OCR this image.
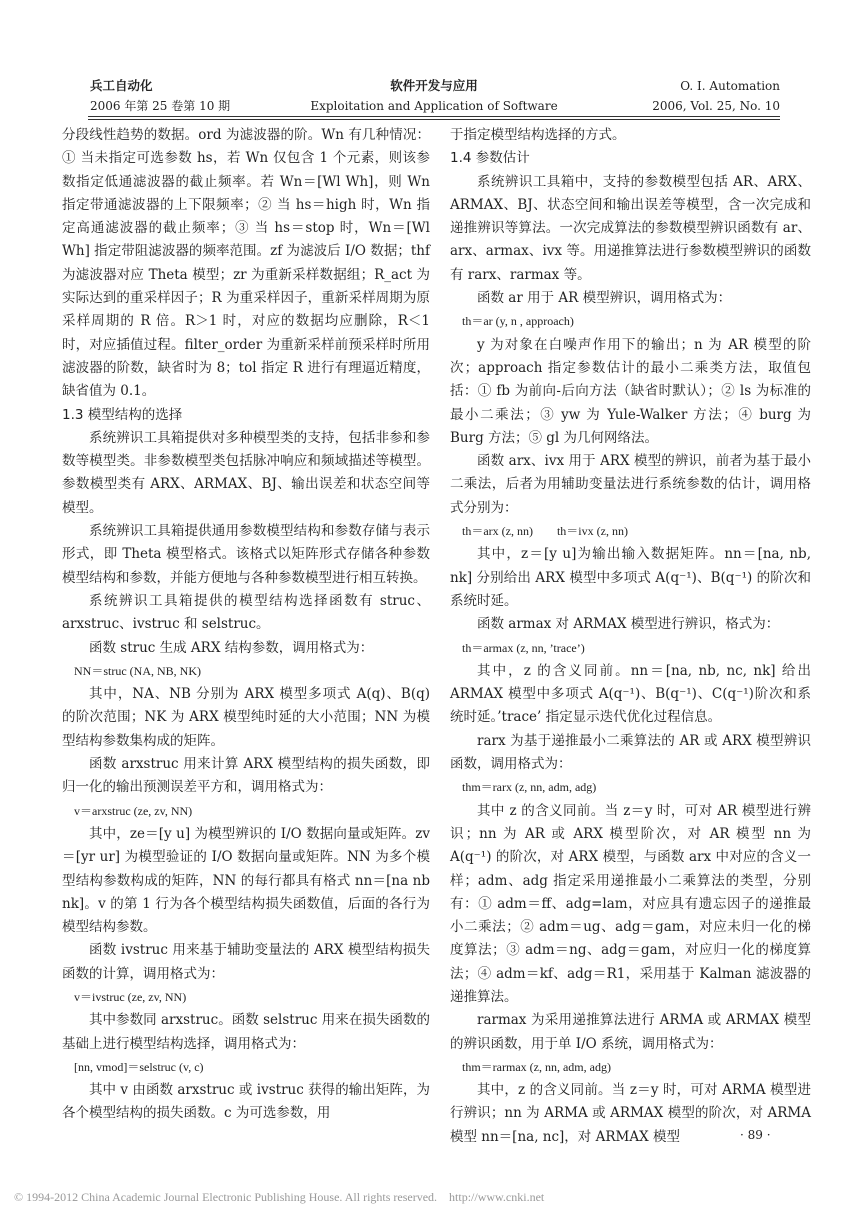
兵工自动化
2006 年第 25 卷第 10 期
软件开发与应用
Exploitation and Application of Software
O. I. Automation
2006, Vol. 25, No. 10

分段线性趋势的数据。ord 为滤波器的阶。Wn 有几种情况：① 当未指定可选参数 hs，若 Wn 仅包含 1 个元素，则该参数指定低通滤波器的截止频率。若 Wn＝[Wl Wh]，则 Wn 指定带通滤波器的上下限频率；② 当 hs＝high 时，Wn 指定高通滤波器的截止频率；③ 当 hs＝stop 时，Wn＝[Wl Wh] 指定带阻滤波器的频率范围。zf 为滤波后 I/O 数据；thf 为滤波器对应 Theta 模型；zr 为重新采样数据组；R_act 为实际达到的重采样因子；R 为重采样因子，重新采样周期为原采样周期的 R 倍。R＞1 时，对应的数据均应删除，R＜1 时，对应插值过程。filter_order 为重新采样前预采样时所用滤波器的阶数，缺省时为 8；tol 指定 R 进行有理逼近精度，缺省值为 0.1。

1.3 模型结构的选择

系统辨识工具箱提供对多种模型类的支持，包括非参和参数等模型类。非参数模型类包括脉冲响应和频域描述等模型。参数模型类有 ARX、ARMAX、BJ、输出误差和状态空间等模型。

系统辨识工具箱提供通用参数模型结构和参数存储与表示形式，即 Theta 模型格式。该格式以矩阵形式存储各种参数模型结构和参数，并能方便地与各种参数模型进行相互转换。

系统辨识工具箱提供的模型结构选择函数有 struc、arxstruc、ivstruc 和 selstruc。

函数 struc 生成 ARX 结构参数，调用格式为：

NN＝struc (NA, NB, NK)

其中，NA、NB 分别为 ARX 模型多项式 A(q)、B(q) 的阶次范围；NK 为 ARX 模型纯时延的大小范围；NN 为模型结构参数集构成的矩阵。

函数 arxstruc 用来计算 ARX 模型结构的损失函数，即归一化的输出预测误差平方和，调用格式为：

v＝arxstruc (ze, zv, NN)

其中，ze＝[y u] 为模型辨识的 I/O 数据向量或矩阵。zv＝[yr ur] 为模型验证的 I/O 数据向量或矩阵。NN 为多个模型结构参数构成的矩阵，NN 的每行都具有格式 nn＝[na nb nk]。v 的第 1 行为各个模型结构损失函数值，后面的各行为模型结构参数。

函数 ivstruc 用来基于辅助变量法的 ARX 模型结构损失函数的计算，调用格式为：

v＝ivstruc (ze, zv, NN)

其中参数同 arxstruc。函数 selstruc 用来在损失函数的基础上进行模型结构选择，调用格式为：

[nn, vmod]＝selstruc (v, c)

其中 v 由函数 arxstruc 或 ivstruc 获得的输出矩阵，为各个模型结构的损失函数。c 为可选参数，用

于指定模型结构选择的方式。

1.4 参数估计

系统辨识工具箱中，支持的参数模型包括 AR、ARX、ARMAX、BJ、状态空间和输出误差等模型，含一次完成和递推辨识等算法。一次完成算法的参数模型辨识函数有 ar、arx、armax、ivx 等。用递推算法进行参数模型辨识的函数有 rarx、rarmax 等。

函数 ar 用于 AR 模型辨识，调用格式为：

th＝ar (y, n , approach)

y 为对象在白噪声作用下的输出；n 为 AR 模型的阶次；approach 指定参数估计的最小二乘类方法，取值包括：① fb 为前向-后向方法（缺省时默认）；② ls 为标准的最小二乘法；③ yw 为 Yule-Walker 方法；④ burg 为 Burg 方法；⑤ gl 为几何网络法。

函数 arx、ivx 用于 ARX 模型的辨识，前者为基于最小二乘法，后者为用辅助变量法进行系统参数的估计，调用格式分别为：

th＝arx (z, nn)　　th＝ivx (z, nn)

其中，z＝[y u]为输出输入数据矩阵。nn＝[na, nb, nk] 分别给出 ARX 模型中多项式 A(q⁻¹)、B(q⁻¹) 的阶次和系统时延。

函数 armax 对 ARMAX 模型进行辨识，格式为：

th＝armax (z, nn, ’trace’)

其中，z 的含义同前。nn＝[na, nb, nc, nk] 给出 ARMAX 模型中多项式 A(q⁻¹)、B(q⁻¹)、C(q⁻¹)阶次和系统时延。’trace’ 指定显示迭代优化过程信息。

rarx 为基于递推最小二乘算法的 AR 或 ARX 模型辨识函数，调用格式为：

thm＝rarx (z, nn, adm, adg)

其中 z 的含义同前。当 z＝y 时，可对 AR 模型进行辨识；nn 为 AR 或 ARX 模型阶次，对 AR 模型 nn 为 A(q⁻¹) 的阶次，对 ARX 模型，与函数 arx 中对应的含义一样；adm、adg 指定采用递推最小二乘算法的类型，分别有：① adm＝ff、adg=lam，对应具有遗忘因子的递推最小二乘法；② adm＝ug、adg＝gam，对应未归一化的梯度算法；③ adm＝ng、adg＝gam，对应归一化的梯度算法；④ adm＝kf、adg＝R1，采用基于 Kalman 滤波器的递推算法。

rarmax 为采用递推算法进行 ARMA 或 ARMAX 模型的辨识函数，用于单 I/O 系统，调用格式为：

thm＝rarmax (z, nn, adm, adg)

其中，z 的含义同前。当 z＝y 时，可对 ARMA 模型进行辨识；nn 为 ARMA 或 ARMAX 模型的阶次，对 ARMA 模型 nn＝[na, nc]，对 ARMAX 模型	· 89 ·
© 1994-2012 China Academic Journal Electronic Publishing House. All rights reserved.　http://www.cnki.net
